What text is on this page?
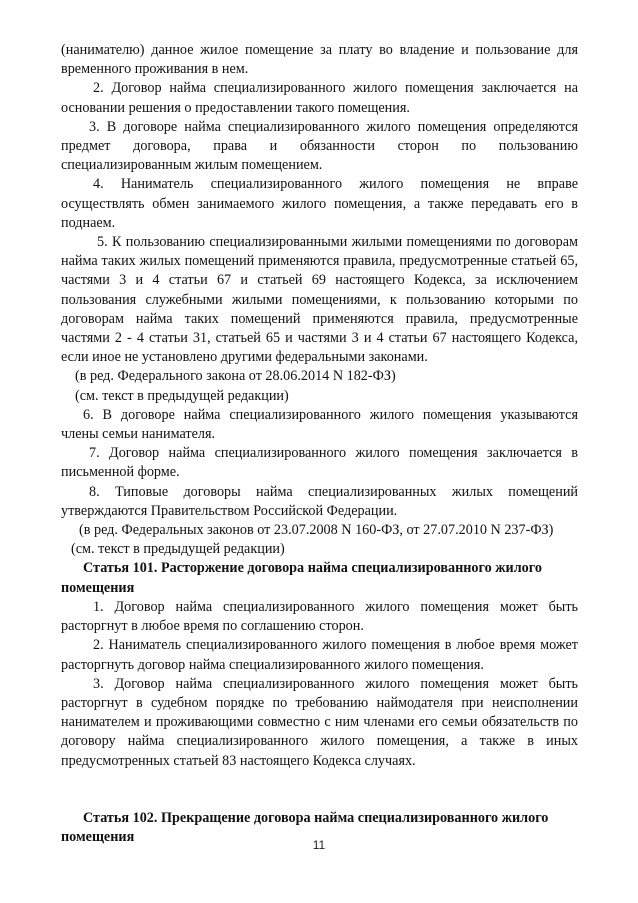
(нанимателю) данное жилое помещение за плату во владение и пользование для временного проживания в нем.

2. Договор найма специализированного жилого помещения заключается на основании решения о предоставлении такого помещения.

3. В договоре найма специализированного жилого помещения определяются предмет договора, права и обязанности сторон по пользованию специализированным жилым помещением.

4. Наниматель специализированного жилого помещения не вправе осуществлять обмен занимаемого жилого помещения, а также передавать его в поднаем.

5. К пользованию специализированными жилыми помещениями по договорам найма таких жилых помещений применяются правила, предусмотренные статьей 65, частями 3 и 4 статьи 67 и статьей 69 настоящего Кодекса, за исключением пользования служебными жилыми помещениями, к пользованию которыми по договорам найма таких помещений применяются правила, предусмотренные частями 2 - 4 статьи 31, статьей 65 и частями 3 и 4 статьи 67 настоящего Кодекса, если иное не установлено другими федеральными законами.

(в ред. Федерального закона от 28.06.2014 N 182-ФЗ)

(см. текст в предыдущей редакции)

6. В договоре найма специализированного жилого помещения указываются члены семьи нанимателя.

7. Договор найма специализированного жилого помещения заключается в письменной форме.

8. Типовые договоры найма специализированных жилых помещений утверждаются Правительством Российской Федерации.

(в ред. Федеральных законов от 23.07.2008 N 160-ФЗ, от 27.07.2010 N 237-ФЗ)

(см. текст в предыдущей редакции)

Статья 101. Расторжение договора найма специализированного жилого помещения

1. Договор найма специализированного жилого помещения может быть расторгнут в любое время по соглашению сторон.

2. Наниматель специализированного жилого помещения в любое время может расторгнуть договор найма специализированного жилого помещения.

3. Договор найма специализированного жилого помещения может быть расторгнут в судебном порядке по требованию наймодателя при неисполнении нанимателем и проживающими совместно с ним членами его семьи обязательств по договору найма специализированного жилого помещения, а также в иных предусмотренных статьей 83 настоящего Кодекса случаях.

Статья 102. Прекращение договора найма специализированного жилого помещения

11
